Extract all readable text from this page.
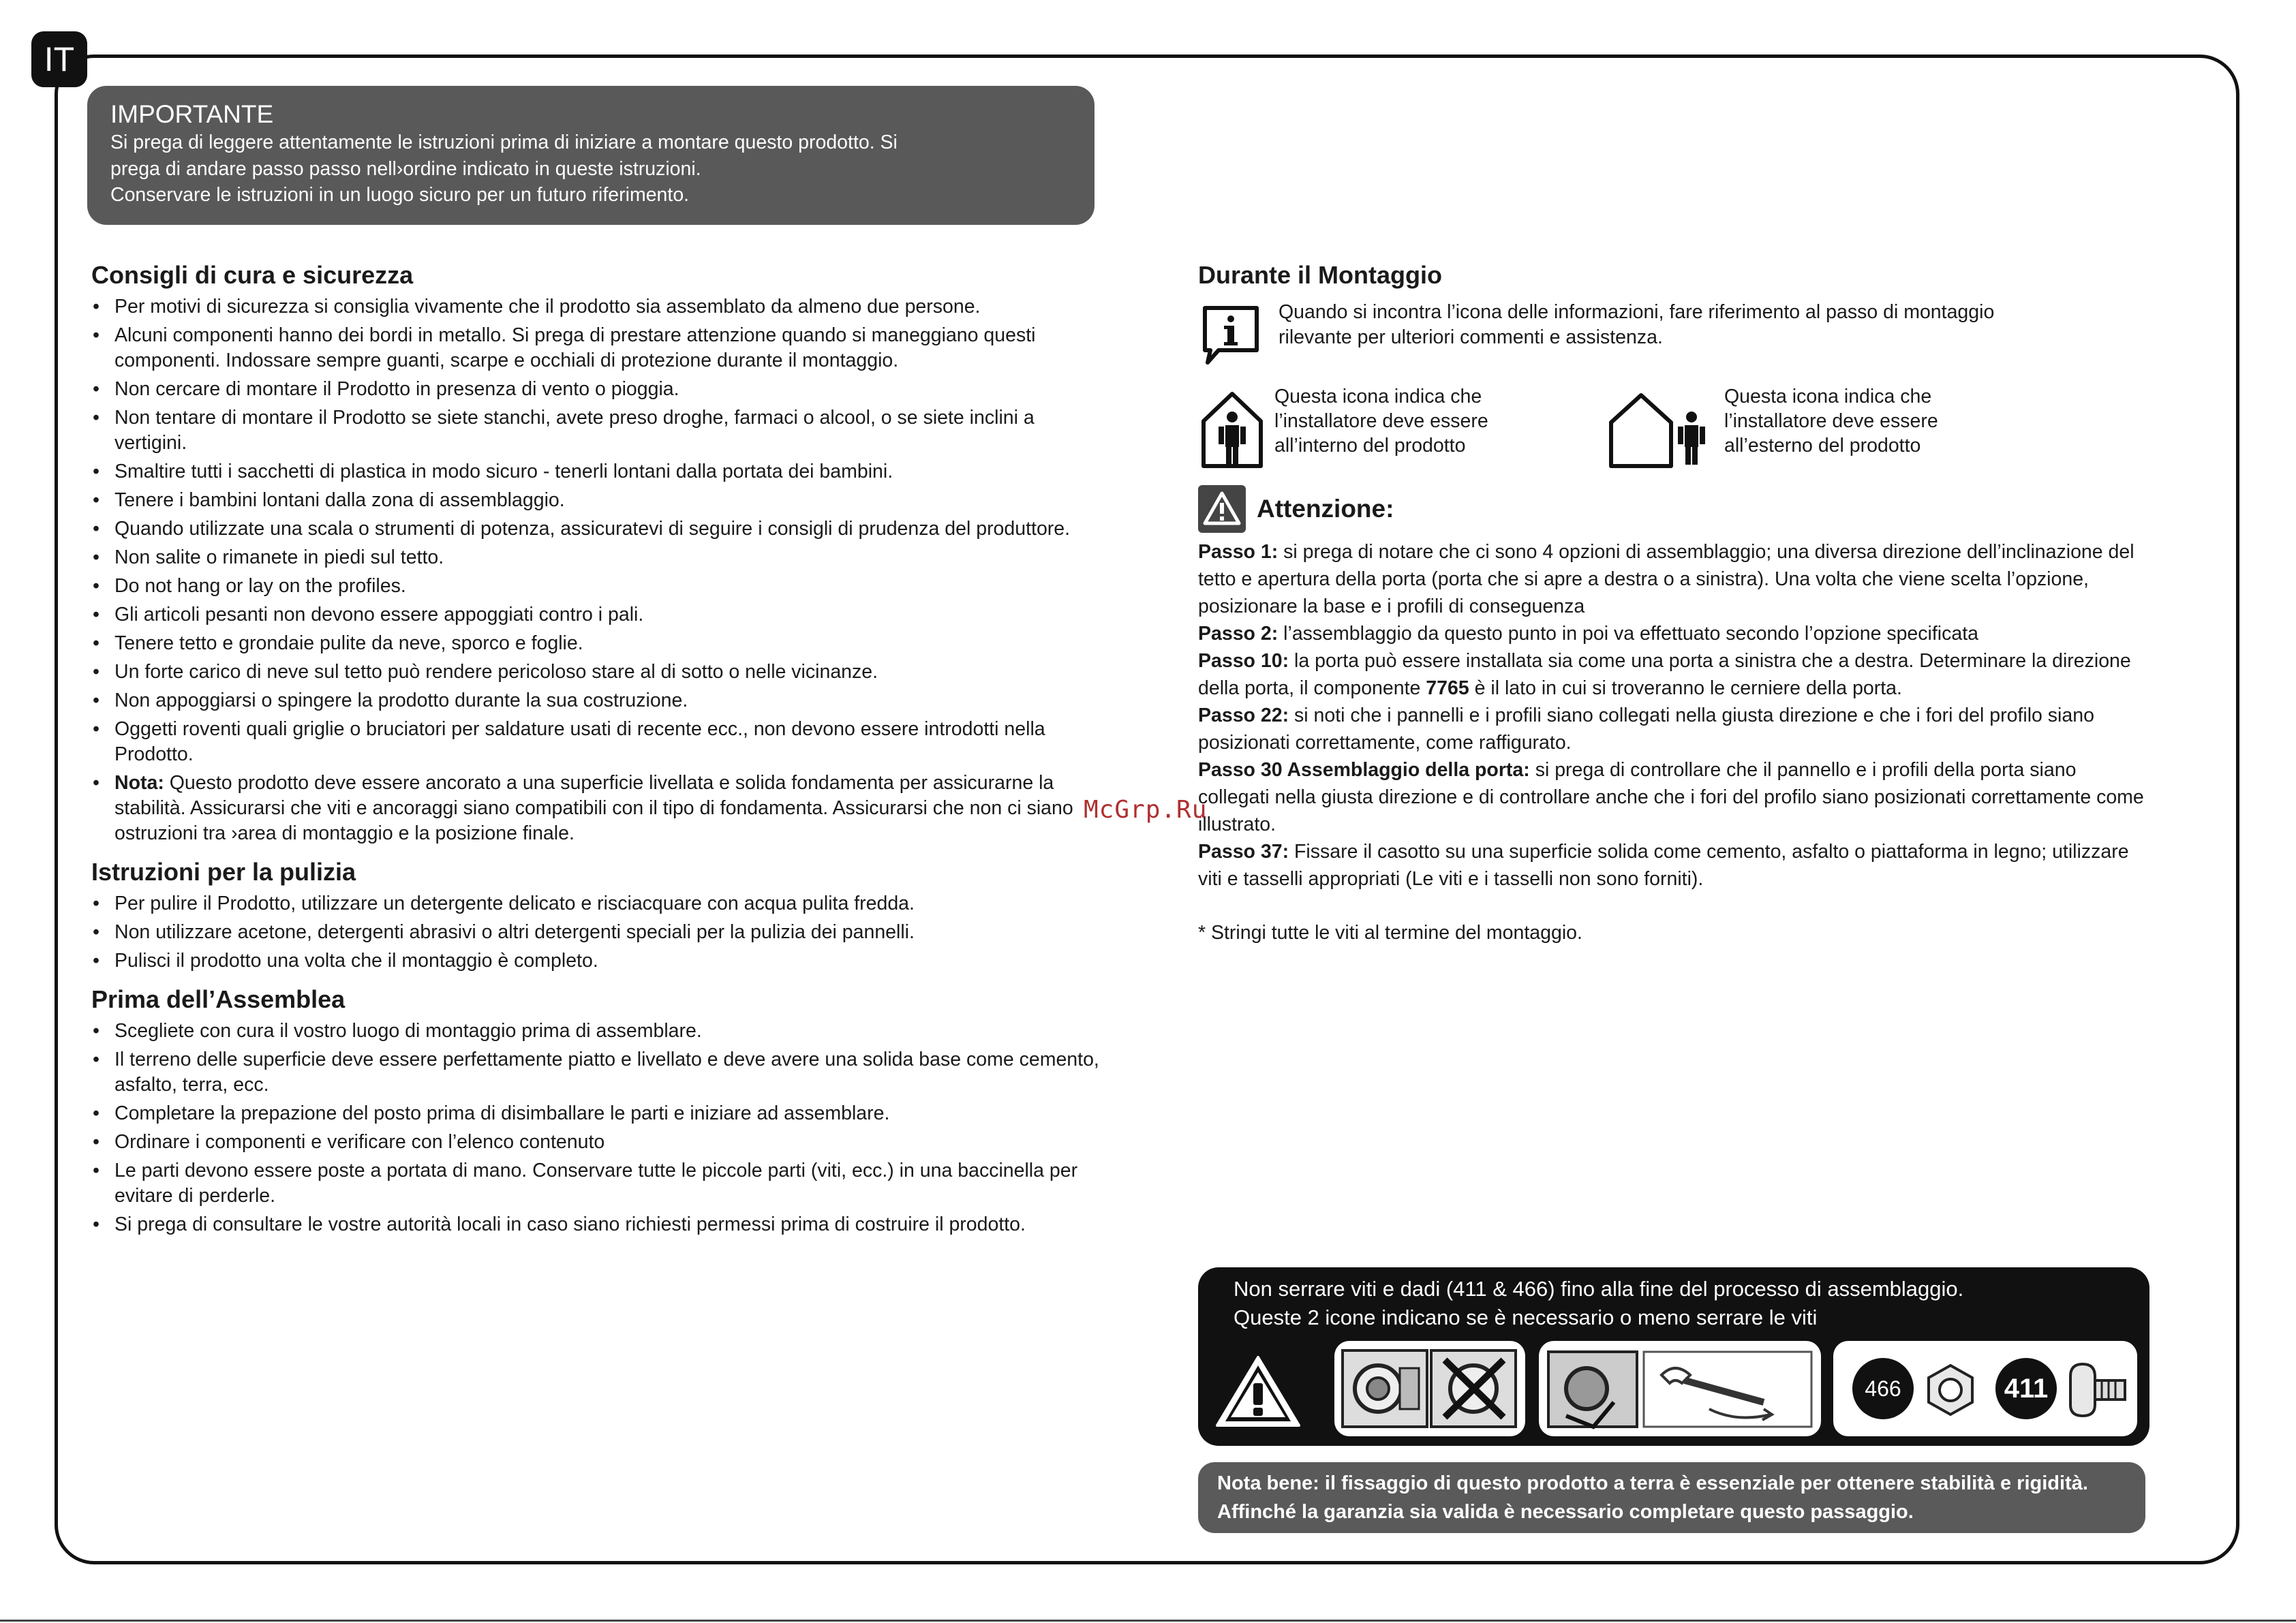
IT
IMPORTANTE
Si prega di leggere attentamente le istruzioni prima di iniziare a montare questo prodotto. Si
prega di andare passo passo nell›ordine indicato in queste istruzioni.
Conservare le istruzioni in un luogo sicuro per un futuro riferimento.
Consigli di cura e sicurezza
• Per motivi di sicurezza si consiglia vivamente che il prodotto sia assemblato da almeno due persone.
• Alcuni componenti hanno dei bordi in metallo. Si prega di prestare attenzione quando si maneggiano questi componenti. Indossare sempre guanti, scarpe e occhiali di protezione durante il montaggio.
• Non cercare di montare il Prodotto in presenza di vento o pioggia.
• Non tentare di montare il Prodotto se siete stanchi, avete preso droghe, farmaci o alcool, o se siete inclini a vertigini.
• Smaltire tutti i sacchetti di plastica in modo sicuro - tenerli lontani dalla portata dei bambini.
• Tenere i bambini lontani dalla zona di assemblaggio.
• Quando utilizzate una scala o strumenti di potenza, assicuratevi di seguire i consigli di prudenza del produttore.
• Non salite o rimanete in piedi sul tetto.
• Do not hang or lay on the profiles.
• Gli articoli pesanti non devono essere appoggiati contro i pali.
• Tenere tetto e grondaie pulite da neve, sporco e foglie.
• Un forte carico di neve sul tetto può rendere pericoloso stare al di sotto o nelle vicinanze.
• Non appoggiarsi o spingere la prodotto durante la sua costruzione.
• Oggetti roventi quali griglie o bruciatori per saldature usati di recente ecc., non devono essere introdotti nella Prodotto.
• Nota: Questo prodotto deve essere ancorato a una superficie livellata e solida fondamenta per assicurarne la stabilità. Assicurarsi che viti e ancoraggi siano compatibili con il tipo di fondamenta. Assicurarsi che non ci siano ostruzioni tra ›area di montaggio e la posizione finale.
Istruzioni per la pulizia
• Per pulire il Prodotto, utilizzare un detergente delicato e risciacquare con acqua pulita fredda.
• Non utilizzare acetone, detergenti abrasivi o altri detergenti speciali per la pulizia dei pannelli.
• Pulisci il prodotto una volta che il montaggio è completo.
Prima dell’Assemblea
• Scegliete con cura il vostro luogo di montaggio prima di assemblare.
• Il terreno delle superficie deve essere perfettamente piatto e livellato e deve avere una solida base come cemento, asfalto, terra, ecc.
• Completare la prepazione del posto prima di disimballare le parti e iniziare ad assemblare.
• Ordinare i componenti e verificare con l’elenco contenuto
• Le parti devono essere poste a portata di mano. Conservare tutte le piccole parti (viti, ecc.) in una baccinella per evitare di perderle.
• Si prega di consultare le vostre autorità locali in caso siano richiesti permessi prima di costruire il prodotto.
Durante il Montaggio
Quando si incontra l’icona delle informazioni, fare riferimento al passo di montaggio rilevante per ulteriori commenti e assistenza.
Questa icona indica che l’installatore deve essere all’interno del prodotto
Questa icona indica che l’installatore deve essere all’esterno del prodotto
Attenzione:

Passo 1: si prega di notare che ci sono 4 opzioni di assemblaggio; una diversa direzione dell’inclinazione del tetto e apertura della porta (porta che si apre a destra o a sinistra). Una volta che viene scelta l’opzione, posizionare la base e i profili di conseguenza

Passo 2: l’assemblaggio da questo punto in poi va effettuato secondo l’opzione specificata

Passo 10: la porta può essere installata sia come una porta a sinistra che a destra. Determinare la direzione della porta, il componente 7765 è il lato in cui si troveranno le cerniere della porta.

Passo 22: si noti che i pannelli e i profili siano collegati nella giusta direzione e che i fori del profilo siano posizionati correttamente, come raffigurato.

Passo 30 Assemblaggio della porta: si prega di controllare che il pannello e i profili della porta siano collegati nella giusta direzione e di controllare anche che i fori del profilo siano posizionati correttamente come illustrato.

Passo 37: Fissare il casotto su una superficie solida come cemento, asfalto o piattaforma in legno; utilizzare viti e tasselli appropriati (Le viti e i tasselli non sono forniti).

* Stringi tutte le viti al termine del montaggio.
McGrp.Ru
Non serrare viti e dadi (411 & 466) fino alla fine del processo di assemblaggio.
Queste 2 icone indicano se è necessario o meno serrare le viti
466	411
Nota bene: il fissaggio di questo prodotto a terra è essenziale per ottenere stabilità e rigidità.
Affinché la garanzia sia valida è necessario completare questo passaggio.
